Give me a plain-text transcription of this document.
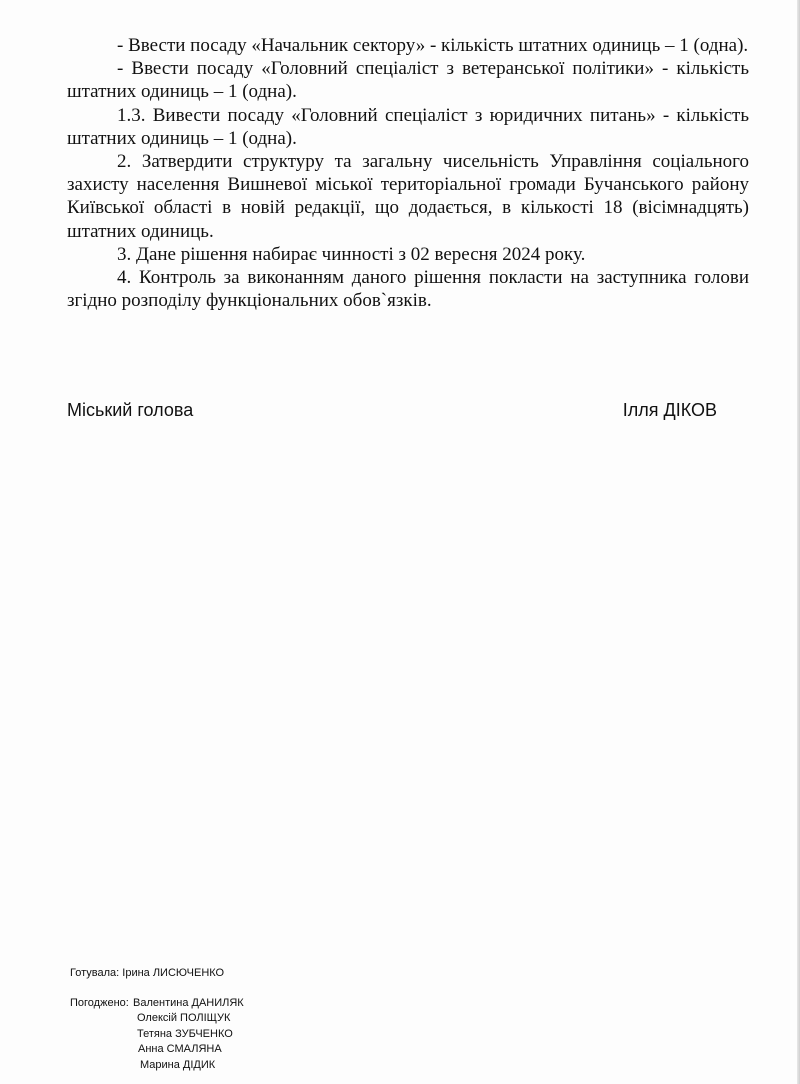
- Ввести посаду «Начальник сектору» - кількість штатних одиниць – 1 (одна).

- Ввести посаду «Головний спеціаліст з ветеранської політики» - кількість штатних одиниць – 1 (одна).

1.3. Вивести посаду «Головний спеціаліст з юридичних питань» - кількість штатних одиниць – 1 (одна).

2. Затвердити структуру та загальну чисельність Управління соціального захисту населення Вишневої міської територіальної громади Бучанського району Київської області в новій редакції, що додається, в кількості 18 (вісімнадцять) штатних одиниць.

3. Дане рішення набирає чинності з 02 вересня 2024 року.

4. Контроль за виконанням даного рішення покласти на заступника голови згідно розподілу функціональних обов`язків.

Міський голова	Ілля ДІКОВ
Готувала: Ірина ЛИСЮЧЕНКО
Погоджено: Валентина ДАНИЛЯК
Олексій ПОЛІЩУК
Тетяна ЗУБЧЕНКО
Анна СМАЛЯНА
Марина ДІДИК
